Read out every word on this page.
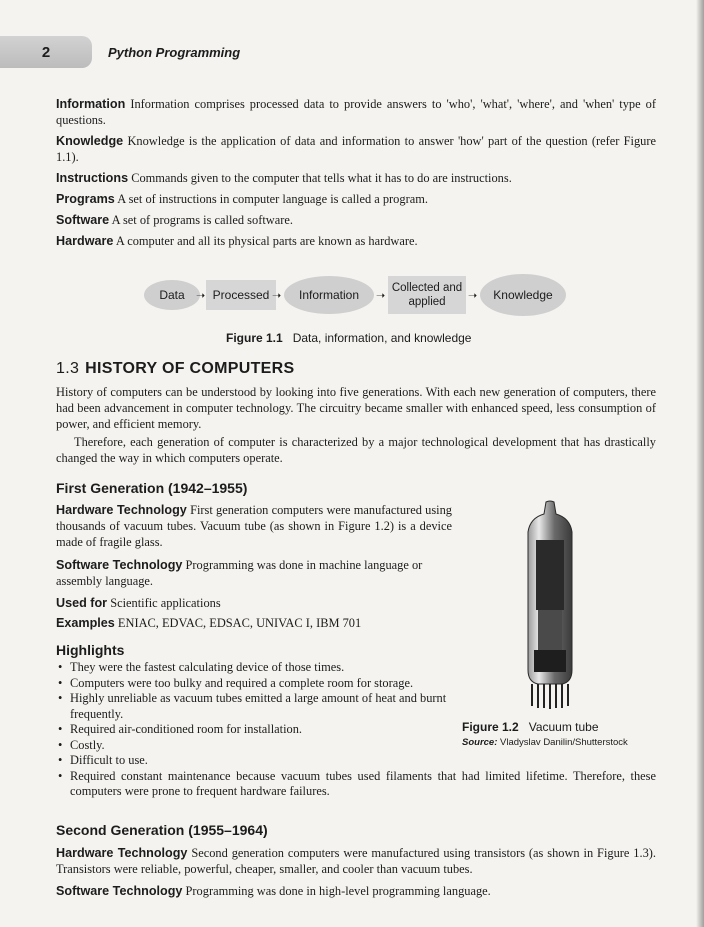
2	Python Programming

Information Information comprises processed data to provide answers to 'who', 'what', 'where', and 'when' type of questions.

Knowledge Knowledge is the application of data and information to answer 'how' part of the question (refer Figure 1.1).

Instructions Commands given to the computer that tells what it has to do are instructions.

Programs A set of instructions in computer language is called a program.

Software A set of programs is called software.

Hardware A computer and all its physical parts are known as hardware.

Data	➝ Processed ➝	Information	➝
Collected and applied	➝	Knowledge
Figure 1.1 Data, information, and knowledge
1.3 HISTORY OF COMPUTERS

History of computers can be understood by looking into five generations. With each new generation of computers, there had been advancement in computer technology. The circuitry became smaller with enhanced speed, less consumption of power, and efficient memory.

Therefore, each generation of computer is characterized by a major technological development that has drastically changed the way in which computers operate.

First Generation (1942–1955)

Hardware Technology First generation computers were manufactured using thousands of vacuum tubes. Vacuum tube (as shown in Figure 1.2) is a device made of fragile glass.

Software Technology Programming was done in machine language or assembly language.

Used for Scientific applications

Examples ENIAC, EDVAC, EDSAC, UNIVAC I, IBM 701

Highlights
• They were the fastest calculating device of those times.
• Computers were too bulky and required a complete room for storage.
• Highly unreliable as vacuum tubes emitted a large amount of heat and burnt frequently.
• Required air-conditioned room for installation.
• Costly.
• Difficult to use.
• Required constant maintenance because vacuum tubes used filaments that had limited lifetime. Therefore, these computers were prone to frequent hardware failures.
Figure 1.2 Vacuum tube
Source: Vladyslav Danilin/Shutterstock
Second Generation (1955–1964)

Hardware Technology Second generation computers were manufactured using transistors (as shown in Figure 1.3). Transistors were reliable, powerful, cheaper, smaller, and cooler than vacuum tubes.

Software Technology Programming was done in high-level programming language.
